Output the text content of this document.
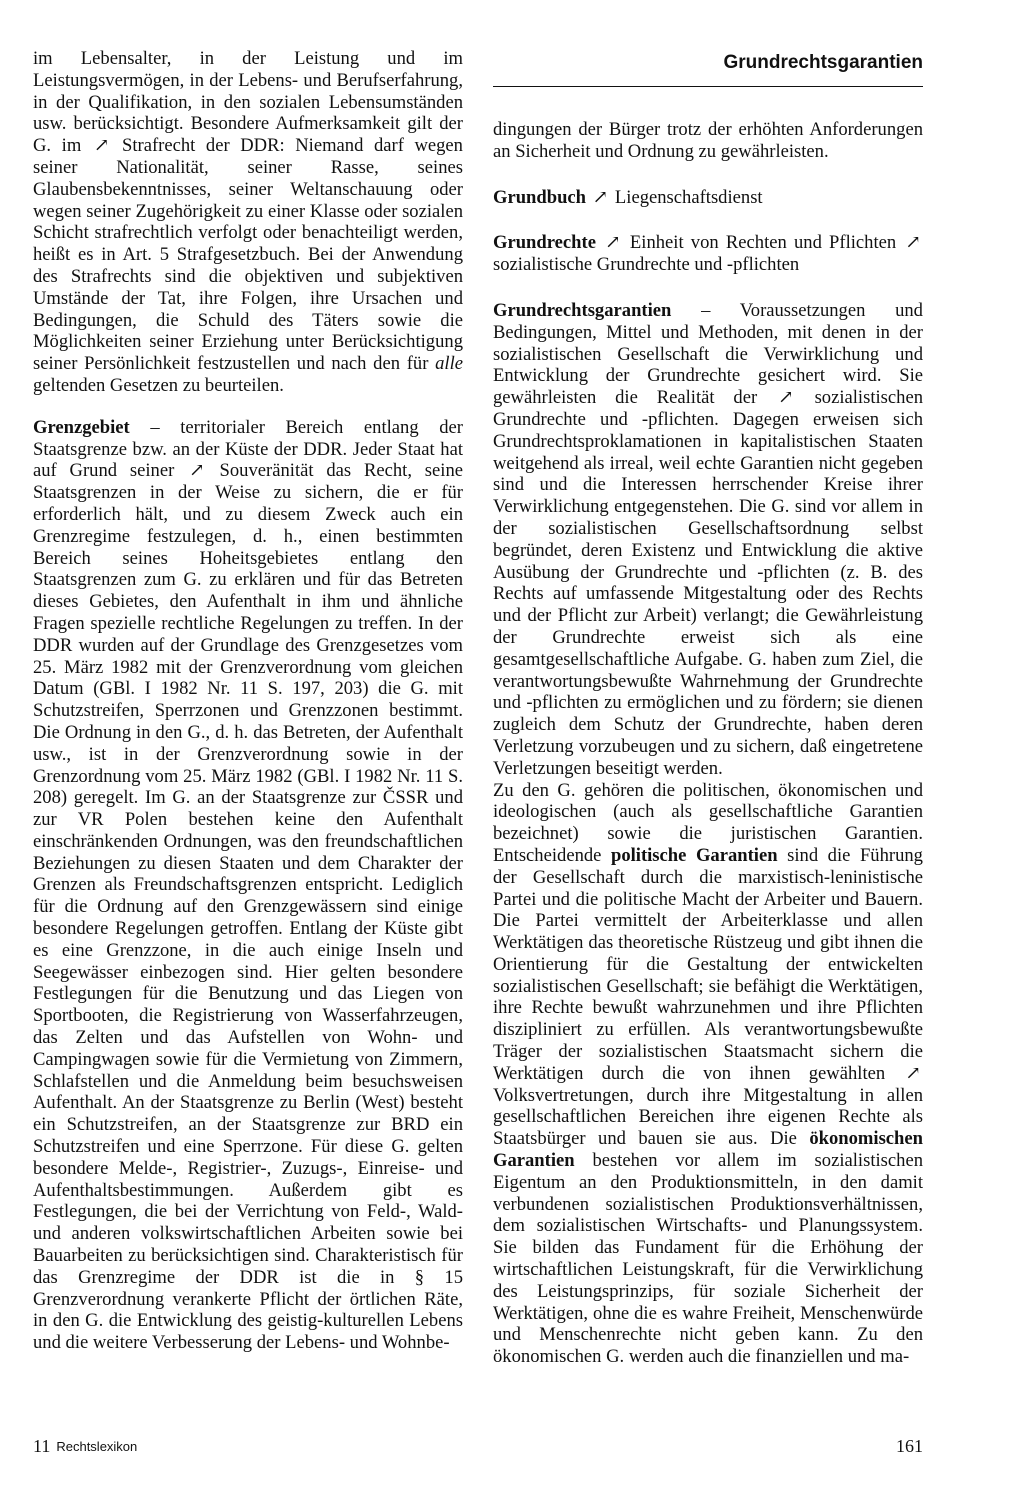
Grundrechtsgarantien

im Lebensalter, in der Leistung und im Leistungsvermögen, in der Lebens- und Berufserfahrung, in der Qualifikation, in den sozialen Lebensumständen usw. berücksichtigt. Besondere Aufmerksamkeit gilt der G. im ↗ Strafrecht der DDR: Niemand darf wegen seiner Nationalität, seiner Rasse, seines Glaubensbekenntnisses, seiner Weltanschauung oder wegen seiner Zugehörigkeit zu einer Klasse oder sozialen Schicht strafrechtlich verfolgt oder benachteiligt werden, heißt es in Art. 5 Strafgesetzbuch. Bei der Anwendung des Strafrechts sind die objektiven und subjektiven Umstände der Tat, ihre Folgen, ihre Ursachen und Bedingungen, die Schuld des Täters sowie die Möglichkeiten seiner Erziehung unter Berücksichtigung seiner Persönlichkeit festzustellen und nach den für alle geltenden Gesetzen zu beurteilen.

Grenzgebiet – territorialer Bereich entlang der Staatsgrenze bzw. an der Küste der DDR. Jeder Staat hat auf Grund seiner ↗ Souveränität das Recht, seine Staatsgrenzen in der Weise zu sichern, die er für erforderlich hält, und zu diesem Zweck auch ein Grenzregime festzulegen, d. h., einen bestimmten Bereich seines Hoheitsgebietes entlang den Staatsgrenzen zum G. zu erklären und für das Betreten dieses Gebietes, den Aufenthalt in ihm und ähnliche Fragen spezielle rechtliche Regelungen zu treffen. In der DDR wurden auf der Grundlage des Grenzgesetzes vom 25. März 1982 mit der Grenzverordnung vom gleichen Datum (GBl. I 1982 Nr. 11 S. 197, 203) die G. mit Schutzstreifen, Sperrzonen und Grenzzonen bestimmt. Die Ordnung in den G., d. h. das Betreten, der Aufenthalt usw., ist in der Grenzverordnung sowie in der Grenzordnung vom 25. März 1982 (GBl. I 1982 Nr. 11 S. 208) geregelt. Im G. an der Staatsgrenze zur ČSSR und zur VR Polen bestehen keine den Aufenthalt einschränkenden Ordnungen, was den freundschaftlichen Beziehungen zu diesen Staaten und dem Charakter der Grenzen als Freundschaftsgrenzen entspricht. Lediglich für die Ordnung auf den Grenzgewässern sind einige besondere Regelungen getroffen. Entlang der Küste gibt es eine Grenzzone, in die auch einige Inseln und Seegewässer einbezogen sind. Hier gelten besondere Festlegungen für die Benutzung und das Liegen von Sportbooten, die Registrierung von Wasserfahrzeugen, das Zelten und das Aufstellen von Wohn- und Campingwagen sowie für die Vermietung von Zimmern, Schlafstellen und die Anmeldung beim besuchsweisen Aufenthalt. An der Staatsgrenze zu Berlin (West) besteht ein Schutzstreifen, an der Staatsgrenze zur BRD ein Schutzstreifen und eine Sperrzone. Für diese G. gelten besondere Melde-, Registrier-, Zuzugs-, Einreise- und Aufenthaltsbestimmungen. Außerdem gibt es Festlegungen, die bei der Verrichtung von Feld-, Wald- und anderen volkswirtschaftlichen Arbeiten sowie bei Bauarbeiten zu berücksichtigen sind. Charakteristisch für das Grenzregime der DDR ist die in § 15 Grenzverordnung verankerte Pflicht der örtlichen Räte, in den G. die Entwicklung des geistig-kulturellen Lebens und die weitere Verbesserung der Lebens- und Wohnbe-

dingungen der Bürger trotz der erhöhten Anforderungen an Sicherheit und Ordnung zu gewährleisten.

Grundbuch ↗ Liegenschaftsdienst

Grundrechte ↗ Einheit von Rechten und Pflichten ↗ sozialistische Grundrechte und -pflichten

Grundrechtsgarantien – Voraussetzungen und Bedingungen, Mittel und Methoden, mit denen in der sozialistischen Gesellschaft die Verwirklichung und Entwicklung der Grundrechte gesichert wird. Sie gewährleisten die Realität der ↗ sozialistischen Grundrechte und -pflichten. Dagegen erweisen sich Grundrechtsproklamationen in kapitalistischen Staaten weitgehend als irreal, weil echte Garantien nicht gegeben sind und die Interessen herrschender Kreise ihrer Verwirklichung entgegenstehen. Die G. sind vor allem in der sozialistischen Gesellschaftsordnung selbst begründet, deren Existenz und Entwicklung die aktive Ausübung der Grundrechte und -pflichten (z. B. des Rechts auf umfassende Mitgestaltung oder des Rechts und der Pflicht zur Arbeit) verlangt; die Gewährleistung der Grundrechte erweist sich als eine gesamtgesellschaftliche Aufgabe. G. haben zum Ziel, die verantwortungsbewußte Wahrnehmung der Grundrechte und -pflichten zu ermöglichen und zu fördern; sie dienen zugleich dem Schutz der Grundrechte, haben deren Verletzung vorzubeugen und zu sichern, daß eingetretene Verletzungen beseitigt werden.

Zu den G. gehören die politischen, ökonomischen und ideologischen (auch als gesellschaftliche Garantien bezeichnet) sowie die juristischen Garantien. Entscheidende politische Garantien sind die Führung der Gesellschaft durch die marxistisch-leninistische Partei und die politische Macht der Arbeiter und Bauern. Die Partei vermittelt der Arbeiterklasse und allen Werktätigen das theoretische Rüstzeug und gibt ihnen die Orientierung für die Gestaltung der entwickelten sozialistischen Gesellschaft; sie befähigt die Werktätigen, ihre Rechte bewußt wahrzunehmen und ihre Pflichten diszipliniert zu erfüllen. Als verantwortungsbewußte Träger der sozialistischen Staatsmacht sichern die Werktätigen durch die von ihnen gewählten ↗ Volksvertretungen, durch ihre Mitgestaltung in allen gesellschaftlichen Bereichen ihre eigenen Rechte als Staatsbürger und bauen sie aus. Die ökonomischen Garantien bestehen vor allem im sozialistischen Eigentum an den Produktionsmitteln, in den damit verbundenen sozialistischen Produktionsverhältnissen, dem sozialistischen Wirtschafts- und Planungssystem. Sie bilden das Fundament für die Erhöhung der wirtschaftlichen Leistungskraft, für die Verwirklichung des Leistungsprinzips, für soziale Sicherheit der Werktätigen, ohne die es wahre Freiheit, Menschenwürde und Menschenrechte nicht geben kann. Zu den ökonomischen G. werden auch die finanziellen und ma-

11 Rechtslexikon	161
